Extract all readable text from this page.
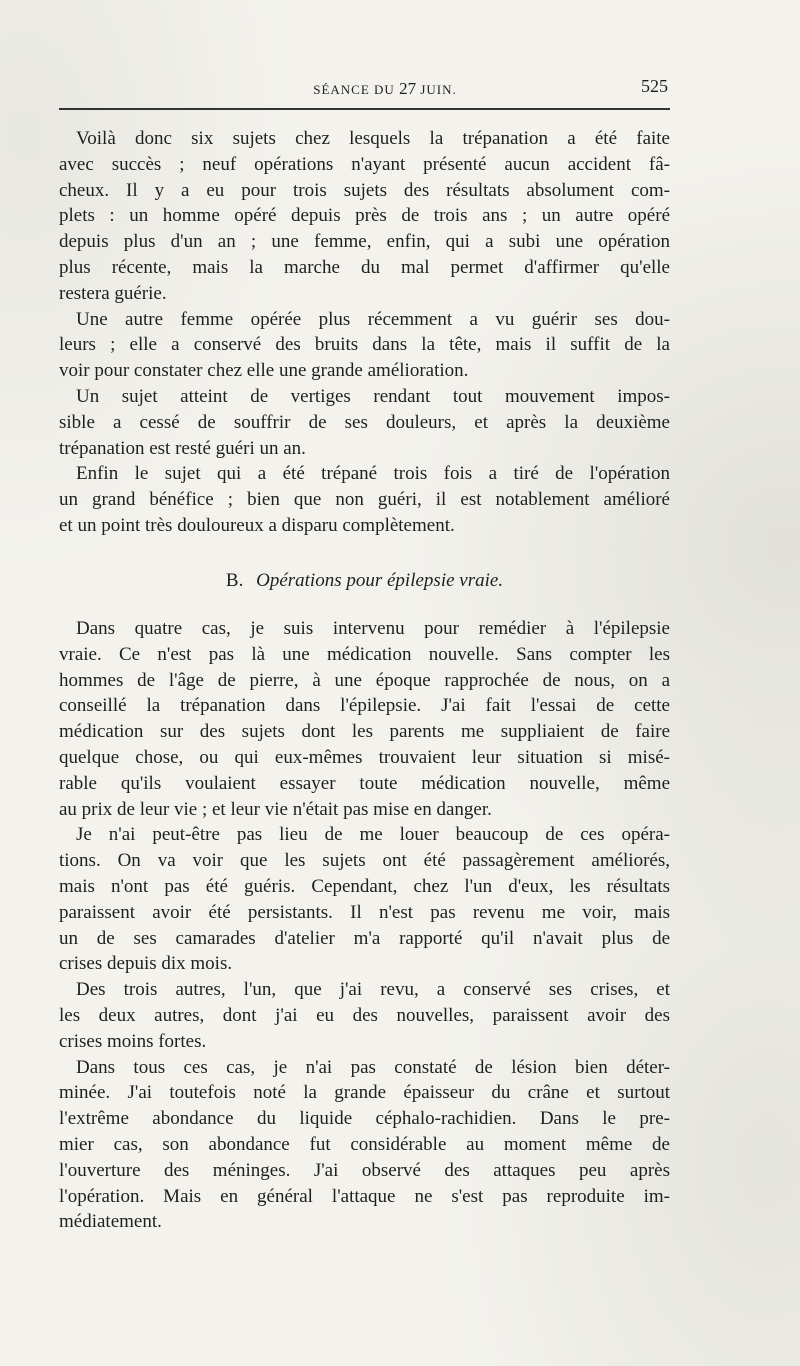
SÉANCE DU 27 JUIN.	525
Voilà donc six sujets chez lesquels la trépanation a été faite
avec succès ; neuf opérations n'ayant présenté aucun accident fâ-
cheux. Il y a eu pour trois sujets des résultats absolument com-
plets : un homme opéré depuis près de trois ans ; un autre opéré
depuis plus d'un an ; une femme, enfin, qui a subi une opération
plus récente, mais la marche du mal permet d'affirmer qu'elle
restera guérie.
Une autre femme opérée plus récemment a vu guérir ses dou-
leurs ; elle a conservé des bruits dans la tête, mais il suffit de la
voir pour constater chez elle une grande amélioration.
Un sujet atteint de vertiges rendant tout mouvement impos-
sible a cessé de souffrir de ses douleurs, et après la deuxième
trépanation est resté guéri un an.
Enfin le sujet qui a été trépané trois fois a tiré de l'opération
un grand bénéfice ; bien que non guéri, il est notablement amélioré
et un point très douloureux a disparu complètement.
B. Opérations pour épilepsie vraie.
Dans quatre cas, je suis intervenu pour remédier à l'épilepsie
vraie. Ce n'est pas là une médication nouvelle. Sans compter les
hommes de l'âge de pierre, à une époque rapprochée de nous, on a
conseillé la trépanation dans l'épilepsie. J'ai fait l'essai de cette
médication sur des sujets dont les parents me suppliaient de faire
quelque chose, ou qui eux-mêmes trouvaient leur situation si misé-
rable qu'ils voulaient essayer toute médication nouvelle, même
au prix de leur vie ; et leur vie n'était pas mise en danger.
Je n'ai peut-être pas lieu de me louer beaucoup de ces opéra-
tions. On va voir que les sujets ont été passagèrement améliorés,
mais n'ont pas été guéris. Cependant, chez l'un d'eux, les résultats
paraissent avoir été persistants. Il n'est pas revenu me voir, mais
un de ses camarades d'atelier m'a rapporté qu'il n'avait plus de
crises depuis dix mois.
Des trois autres, l'un, que j'ai revu, a conservé ses crises, et
les deux autres, dont j'ai eu des nouvelles, paraissent avoir des
crises moins fortes.
Dans tous ces cas, je n'ai pas constaté de lésion bien déter-
minée. J'ai toutefois noté la grande épaisseur du crâne et surtout
l'extrême abondance du liquide céphalo-rachidien. Dans le pre-
mier cas, son abondance fut considérable au moment même de
l'ouverture des méninges. J'ai observé des attaques peu après
l'opération. Mais en général l'attaque ne s'est pas reproduite im-
médiatement.
